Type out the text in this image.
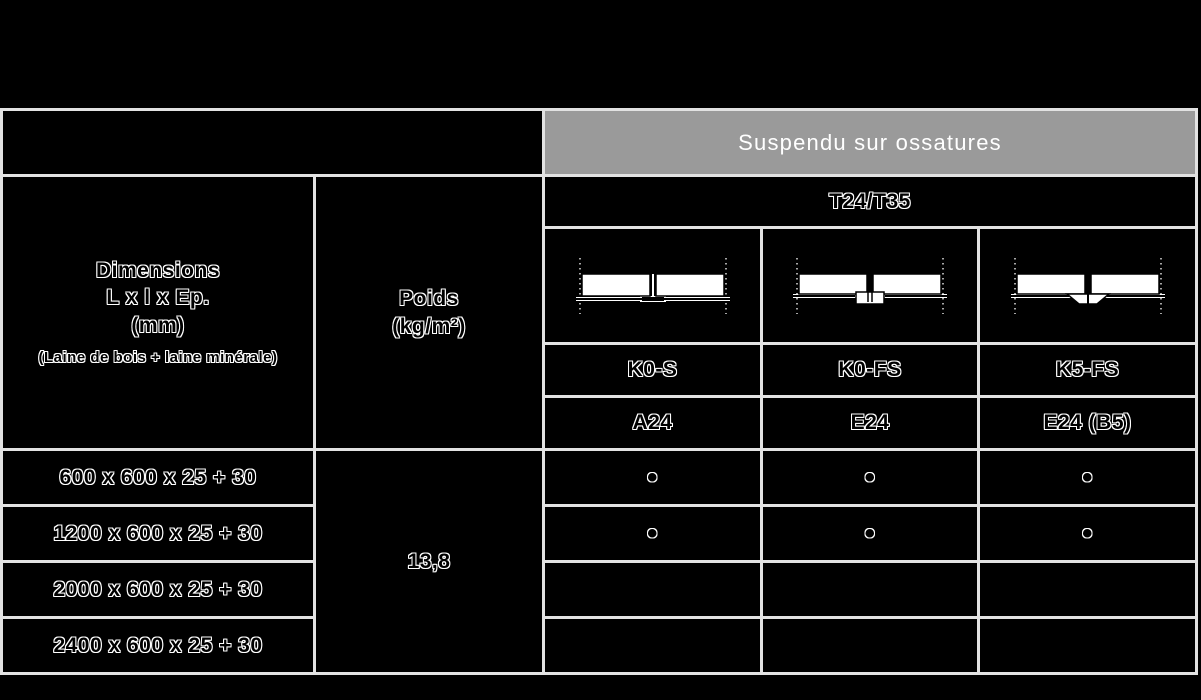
Suspendu sur ossatures
Dimensions
L x l x Ep.
(mm)
(Laine de bois + laine minérale)
Poids
(kg/m²)
T24/T35
K0-S	K0-FS	K5-FS
A24	E24	E24 (B5)
13,8
600 x 600 x 25 + 30	•	•	•
1200 x 600 x 25 + 30	•	•	•
2000 x 600 x 25 + 30
2400 x 600 x 25 + 30
